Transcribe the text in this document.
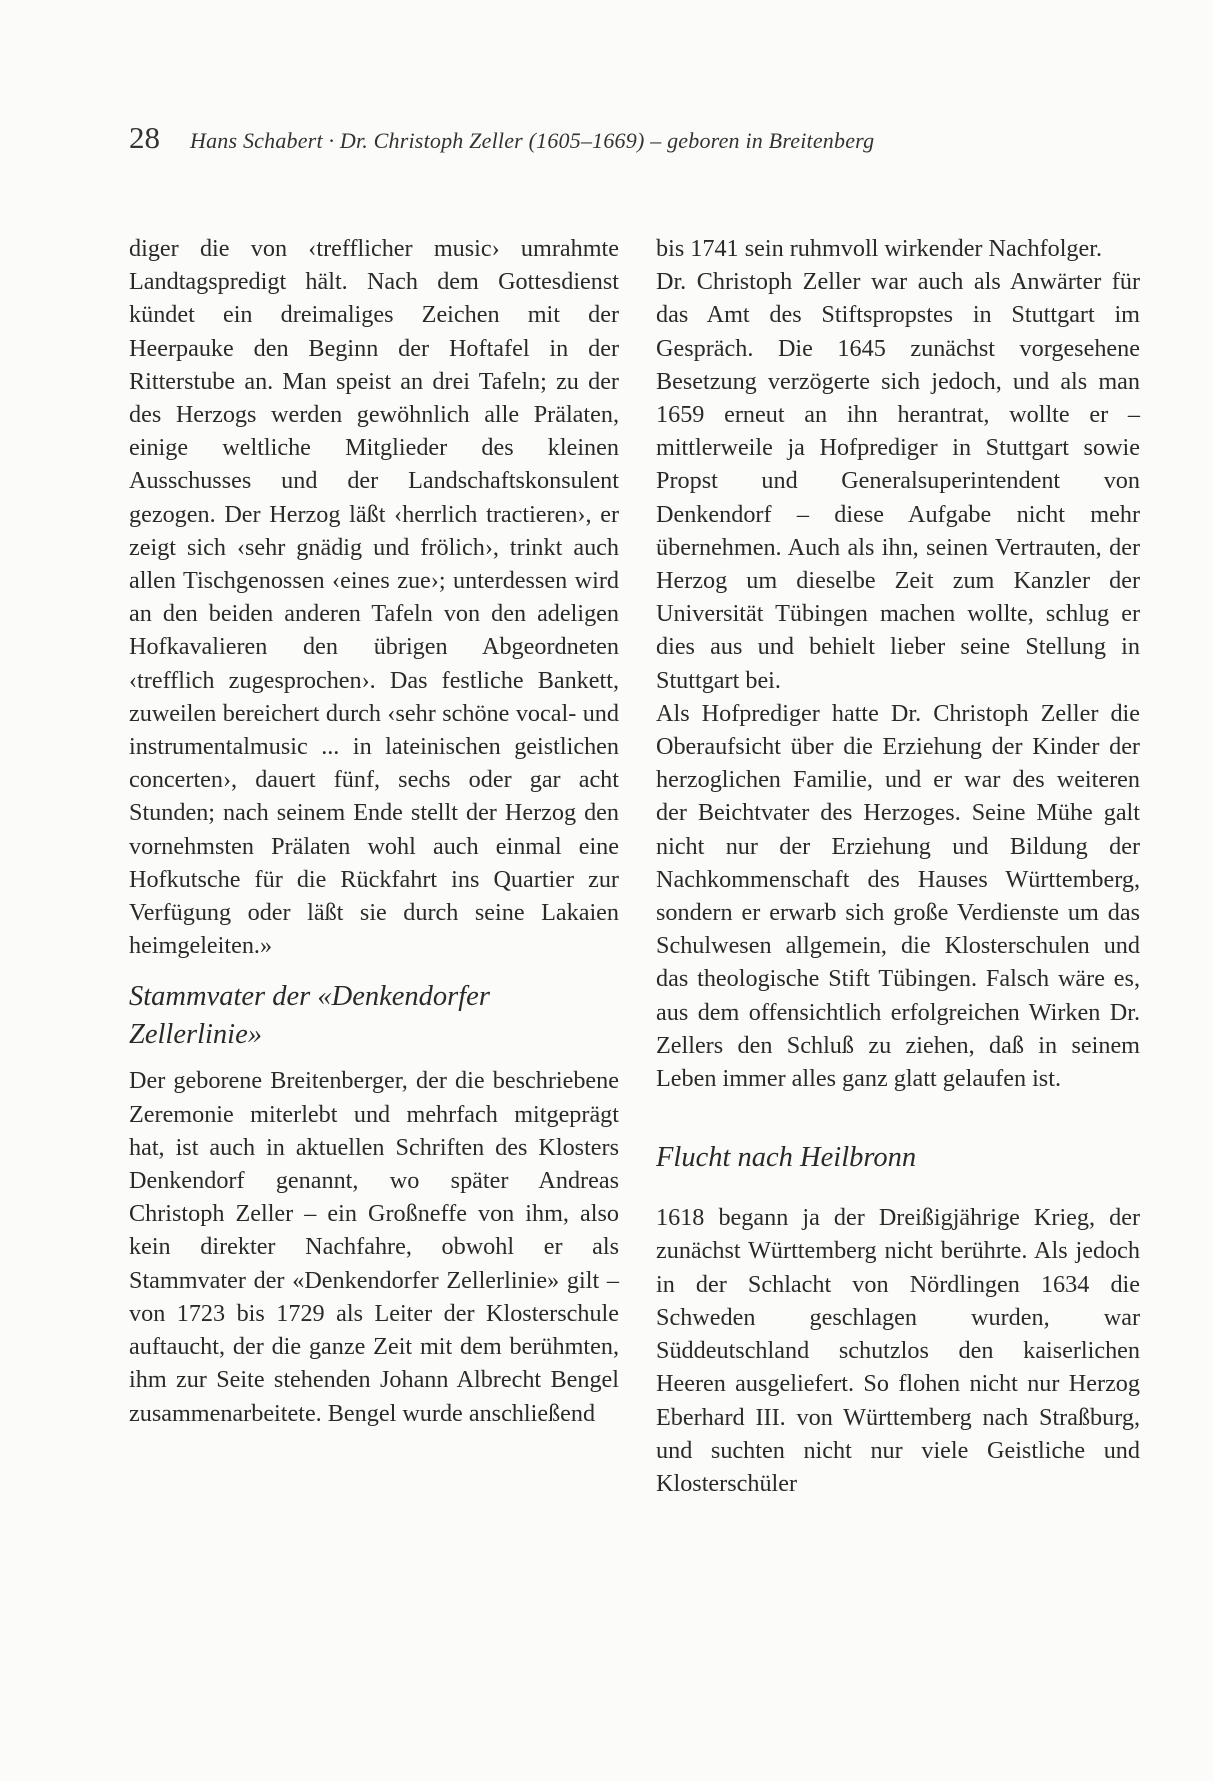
28 Hans Schabert · Dr. Christoph Zeller (1605–1669) – geboren in Breitenberg

diger die von ‹trefflicher music› umrahmte Landtagspredigt hält. Nach dem Gottesdienst kündet ein dreimaliges Zeichen mit der Heerpauke den Beginn der Hoftafel in der Ritterstube an. Man speist an drei Tafeln; zu der des Herzogs werden gewöhnlich alle Prälaten, einige weltliche Mitglieder des kleinen Ausschusses und der Landschaftskonsulent gezogen. Der Herzog läßt ‹herrlich tractieren›, er zeigt sich ‹sehr gnädig und frölich›, trinkt auch allen Tischgenossen ‹eines zue›; unterdessen wird an den beiden anderen Tafeln von den adeligen Hofkavalieren den übrigen Abgeordneten ‹trefflich zugesprochen›. Das festliche Bankett, zuweilen bereichert durch ‹sehr schöne vocal- und instrumentalmusic ... in lateinischen geistlichen concerten›, dauert fünf, sechs oder gar acht Stunden; nach seinem Ende stellt der Herzog den vornehmsten Prälaten wohl auch einmal eine Hofkutsche für die Rückfahrt ins Quartier zur Verfügung oder läßt sie durch seine Lakaien heimgeleiten.»

Stammvater der «Denkendorfer Zellerlinie»

Der geborene Breitenberger, der die beschriebene Zeremonie miterlebt und mehrfach mitgeprägt hat, ist auch in aktuellen Schriften des Klosters Denkendorf genannt, wo später Andreas Christoph Zeller – ein Großneffe von ihm, also kein direkter Nachfahre, obwohl er als Stammvater der «Denkendorfer Zellerlinie» gilt – von 1723 bis 1729 als Leiter der Klosterschule auftaucht, der die ganze Zeit mit dem berühmten, ihm zur Seite stehenden Johann Albrecht Bengel zusammenarbeitete. Bengel wurde anschließend

bis 1741 sein ruhmvoll wirkender Nachfolger.

Dr. Christoph Zeller war auch als Anwärter für das Amt des Stiftspropstes in Stuttgart im Gespräch. Die 1645 zunächst vorgesehene Besetzung verzögerte sich jedoch, und als man 1659 erneut an ihn herantrat, wollte er – mittlerweile ja Hofprediger in Stuttgart sowie Propst und Generalsuperintendent von Denkendorf – diese Aufgabe nicht mehr übernehmen. Auch als ihn, seinen Vertrauten, der Herzog um dieselbe Zeit zum Kanzler der Universität Tübingen machen wollte, schlug er dies aus und behielt lieber seine Stellung in Stuttgart bei.

Als Hofprediger hatte Dr. Christoph Zeller die Oberaufsicht über die Erziehung der Kinder der herzoglichen Familie, und er war des weiteren der Beichtvater des Herzoges. Seine Mühe galt nicht nur der Erziehung und Bildung der Nachkommenschaft des Hauses Württemberg, sondern er erwarb sich große Verdienste um das Schulwesen allgemein, die Klosterschulen und das theologische Stift Tübingen. Falsch wäre es, aus dem offensichtlich erfolgreichen Wirken Dr. Zellers den Schluß zu ziehen, daß in seinem Leben immer alles ganz glatt gelaufen ist.

Flucht nach Heilbronn

1618 begann ja der Dreißigjährige Krieg, der zunächst Württemberg nicht berührte. Als jedoch in der Schlacht von Nördlingen 1634 die Schweden geschlagen wurden, war Süddeutschland schutzlos den kaiserlichen Heeren ausgeliefert. So flohen nicht nur Herzog Eberhard III. von Württemberg nach Straßburg, und suchten nicht nur viele Geistliche und Klosterschüler
